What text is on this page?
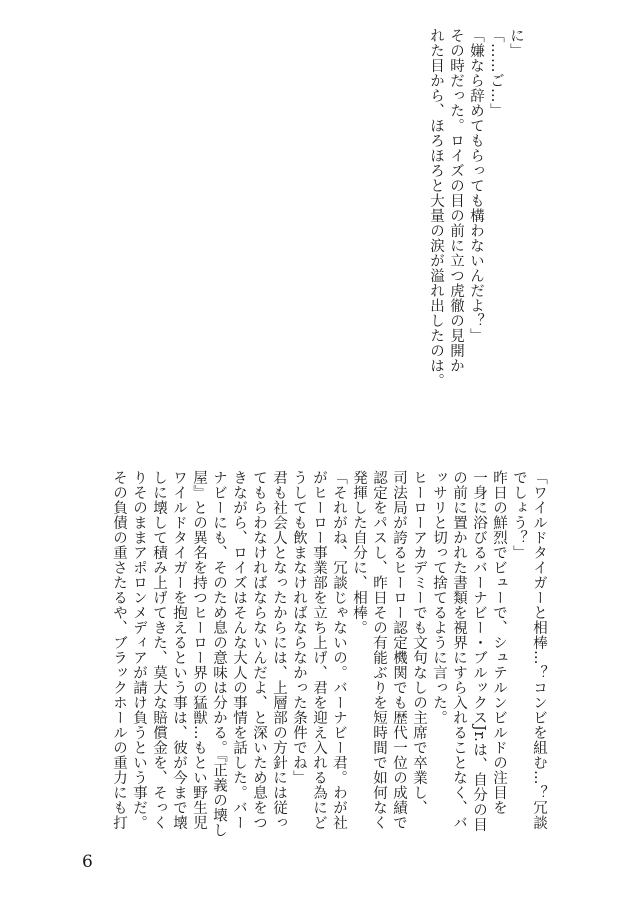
に」
「……ご…」
「嫌なら辞めてもらっても構わないんだよ？」
その時だった。ロイズの目の前に立つ虎徹の見開か
れた目から、ほろほろと大量の涙が溢れ出したのは。
「ワイルドタイガーと相棒…？コンビを組む…？冗談
でしょう？」
昨日の鮮烈でビューで、シュテルンビルドの注目を
一身に浴びるバーナビー・ブルックスJr.は、自分の目
の前に置かれた書類を視界にすら入れることなく、バ
ッサリと切って捨てるように言った。
ヒーローアカデミーでも文句なしの主席で卒業し、
司法局が誇るヒーロー認定機関でも歴代一位の成績で
認定をパスし、昨日その有能ぶりを短時間で如何なく
発揮した自分に、相棒。
「それがね、冗談じゃないの。バーナビー君。わが社
がヒーロー事業部を立ち上げ、君を迎え入れる為にど
うしても飲まなければならなかった条件でね」
君も社会人となったからには、上層部の方針には従っ
てもらわなければならないんだよ、と深いため息をつ
きながら、ロイズはそんな大人の事情を話した。バー
ナビーにも、そのため息の意味は分かる。『正義の壊し
屋』との異名を持つヒーロー界の猛獣…もとい野生児
ワイルドタイガーを抱えるという事は、彼が今まで壊
しに壊して積み上げてきた、莫大な賠償金を、そっく
りそのままアポロンメディアが請け負うという事だ。
その負債の重さたるや、ブラックホールの重力にも打
6
